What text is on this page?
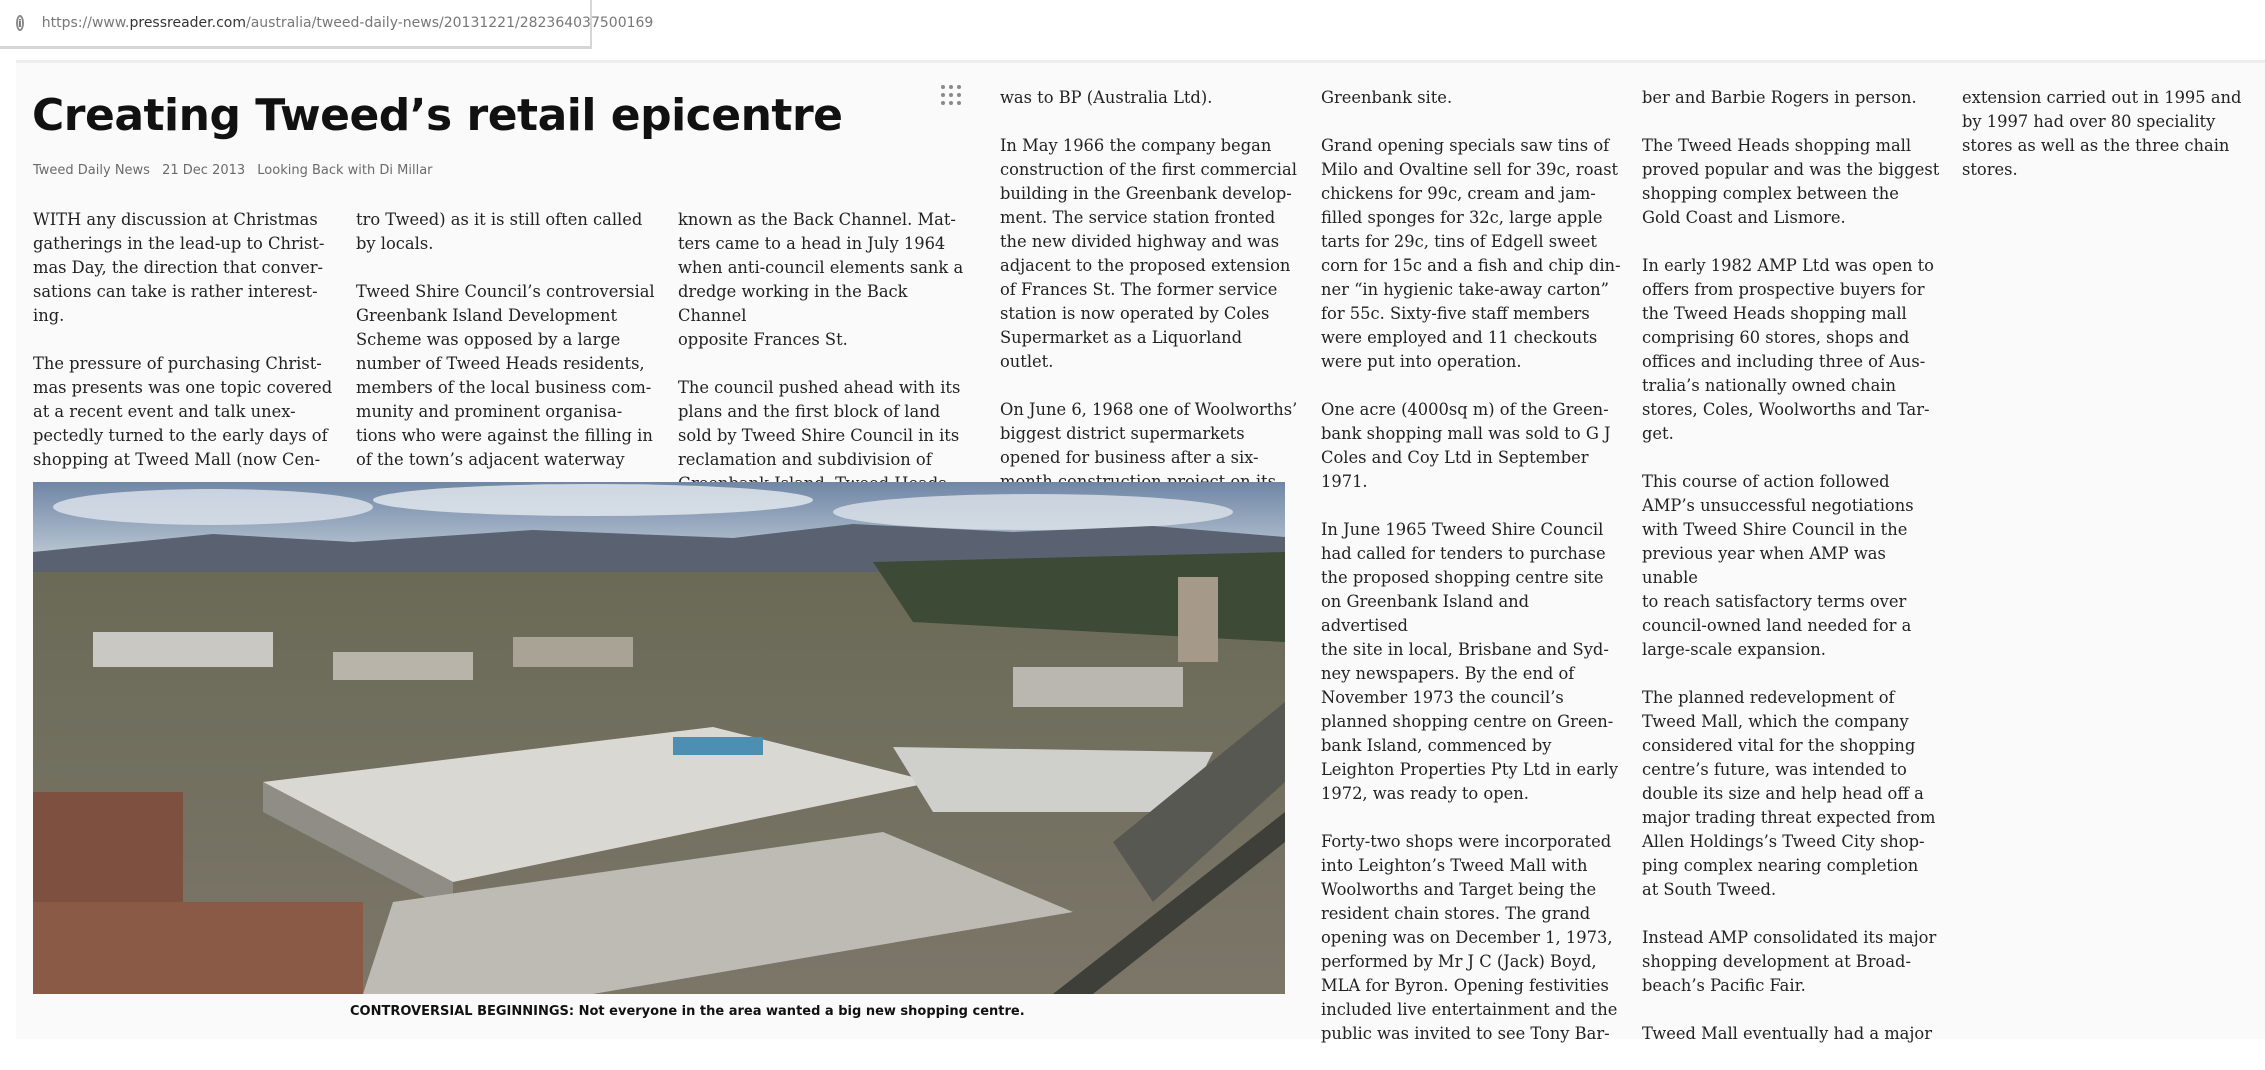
i https://www.pressreader.com/australia/tweed-daily-news/20131221/282364037500169
Creating Tweed’s retail epicentre
Tweed Daily News 21 Dec 2013 Looking Back with Di Millar

WITH any discussion at Christmas
gatherings in the lead-up to Christ-
mas Day, the direction that conver-
sations can take is rather interest-
ing.

The pressure of purchasing Christ-
mas presents was one topic covered
at a recent event and talk unex-
pectedly turned to the early days of
shopping at Tweed Mall (now Cen-

tro Tweed) as it is still often called
by locals.

Tweed Shire Council’s controversial
Greenbank Island Development
Scheme was opposed by a large
number of Tweed Heads residents,
members of the local business com-
munity and prominent organisa-
tions who were against the filling in
of the town’s adjacent waterway

known as the Back Channel. Mat-
ters came to a head in July 1964
when anti-council elements sank a
dredge working in the Back Channel
opposite Frances St.

The council pushed ahead with its
plans and the first block of land
sold by Tweed Shire Council in its
reclamation and subdivision of

was to BP (Australia Ltd).

In May 1966 the company began
construction of the first commercial
building in the Greenbank develop-
ment. The service station fronted
the new divided highway and was
adjacent to the proposed extension
of Frances St. The former service
station is now operated by Coles
Supermarket as a Liquorland outlet.

On June 6, 1968 one of Woolworths’
biggest district supermarkets
opened for business after a six-

Greenbank site.

Grand opening specials saw tins of
Milo and Ovaltine sell for 39c, roast
chickens for 99c, cream and jam-
filled sponges for 32c, large apple
tarts for 29c, tins of Edgell sweet
corn for 15c and a fish and chip din-
ner “in hygienic take-away carton”
for 55c. Sixty-five staff members
were employed and 11 checkouts
were put into operation.

One acre (4000sq m) of the Green-
bank shopping mall was sold to G J
Coles and Coy Ltd in September
1971.

In June 1965 Tweed Shire Council
had called for tenders to purchase
the proposed shopping centre site
on Greenbank Island and advertised
the site in local, Brisbane and Syd-
ney newspapers. By the end of
November 1973 the council’s
planned shopping centre on Green-
bank Island, commenced by
Leighton Properties Pty Ltd in early
1972, was ready to open.

Forty-two shops were incorporated
into Leighton’s Tweed Mall with
Woolworths and Target being the
resident chain stores. The grand
opening was on December 1, 1973,
performed by Mr J C (Jack) Boyd,
MLA for Byron. Opening festivities
included live entertainment and the
public was invited to see Tony Bar-

ber and Barbie Rogers in person.

The Tweed Heads shopping mall
proved popular and was the biggest
shopping complex between the
Gold Coast and Lismore.

In early 1982 AMP Ltd was open to
offers from prospective buyers for
the Tweed Heads shopping mall
comprising 60 stores, shops and
offices and including three of Aus-
tralia’s nationally owned chain
stores, Coles, Woolworths and Tar-
get.

This course of action followed
AMP’s unsuccessful negotiations
with Tweed Shire Council in the
previous year when AMP was unable
to reach satisfactory terms over
council-owned land needed for a
large-scale expansion.

The planned redevelopment of
Tweed Mall, which the company
considered vital for the shopping
centre’s future, was intended to
double its size and help head off a
major trading threat expected from
Allen Holdings’s Tweed City shop-
ping complex nearing completion
at South Tweed.

Instead AMP consolidated its major
shopping development at Broad-
beach’s Pacific Fair.

Tweed Mall eventually had a major

extension carried out in 1995 and
by 1997 had over 80 speciality
stores as well as the three chain
stores.

CONTROVERSIAL BEGINNINGS: Not everyone in the area wanted a big new shopping centre.
